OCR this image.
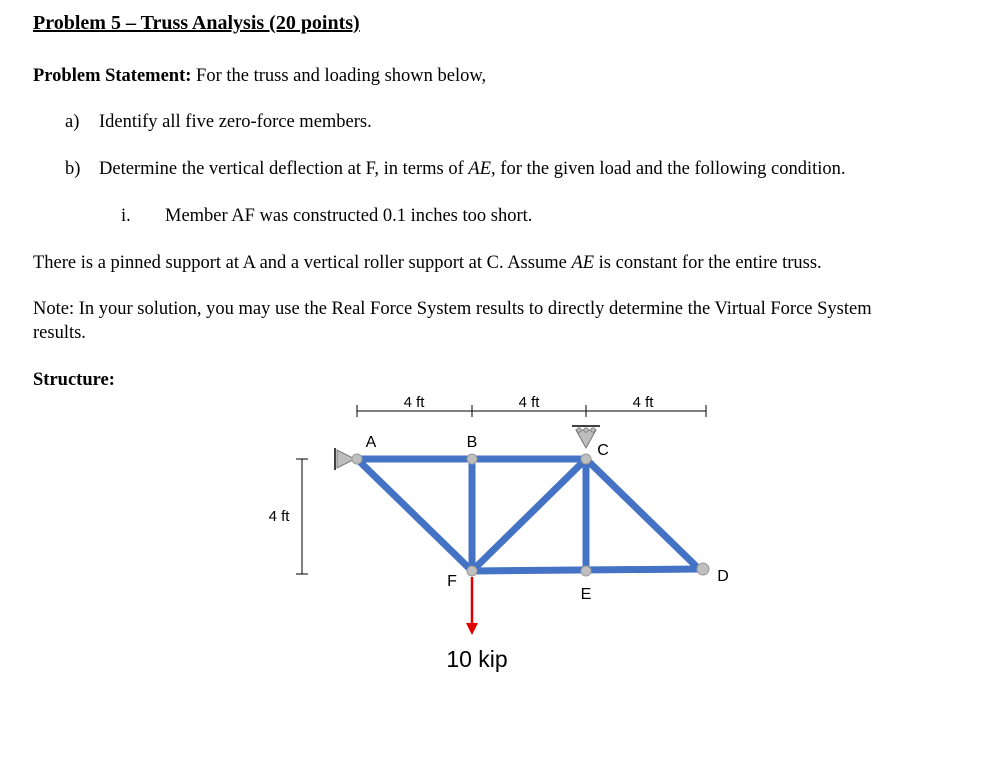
Problem 5 – Truss Analysis (20 points)
Problem Statement: For the truss and loading shown below,
a) Identify all five zero-force members.
b) Determine the vertical deflection at F, in terms of AE, for the given load and the following condition.
i. Member AF was constructed 0.1 inches too short.
There is a pinned support at A and a vertical roller support at C. Assume AE is constant for the entire truss.
Note: In your solution, you may use the Real Force System results to directly determine the Virtual Force System
results.
Structure:
4 ft	4 ft	4 ft
4 ft
A	B	C
D
E
F
10 kip
